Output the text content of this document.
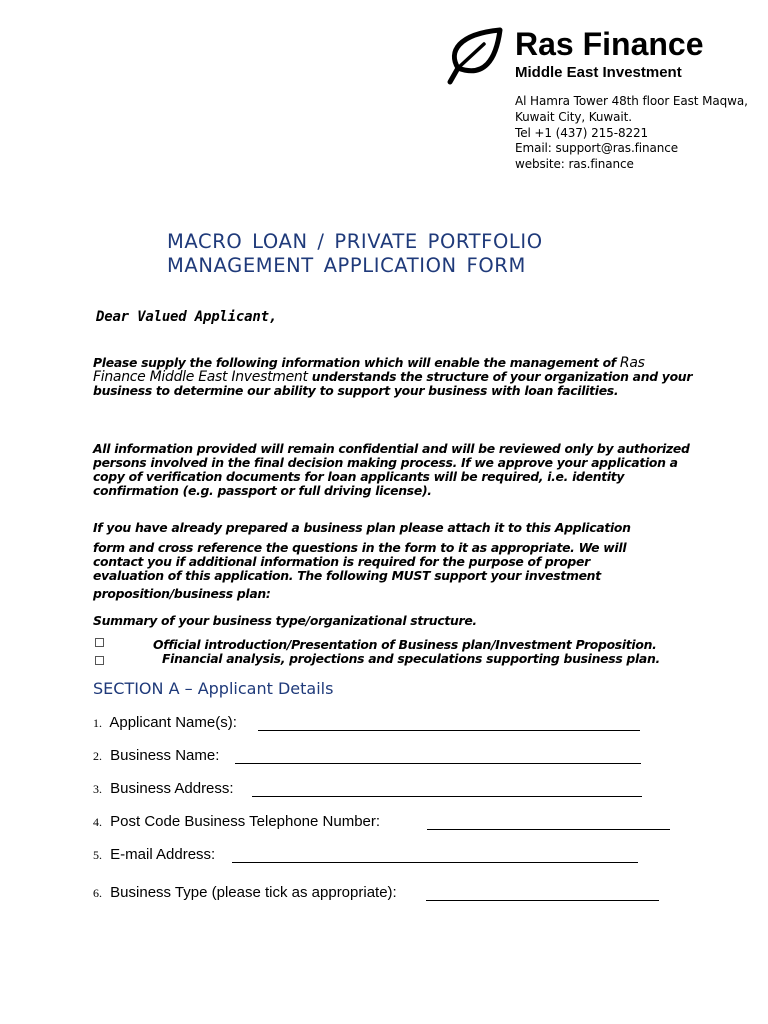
Ras Finance
Middle East Investment
Al Hamra Tower 48th floor East Maqwa,
Kuwait City, Kuwait.
Tel +1 (437) 215-8221
Email: support@ras.finance
website: ras.finance
MACRO LOAN / PRIVATE PORTFOLIO
MANAGEMENT APPLICATION FORM
Dear Valued Applicant,
Please supply the following information which will enable the management of Ras Finance Middle East Investment understands the structure of your organization and your business to determine our ability to support your business with loan facilities.
All information provided will remain confidential and will be reviewed only by authorized persons involved in the final decision making process. If we approve your application a copy of verification documents for loan applicants will be required, i.e. identity confirmation (e.g. passport or full driving license).
If you have already prepared a business plan please attach it to this Application
form and cross reference the questions in the form to it as appropriate. We will
contact you if additional information is required for the purpose of proper
evaluation of this application. The following MUST support your investment
proposition/business plan:
Summary of your business type/organizational structure.
Official introduction/Presentation of Business plan/Investment Proposition.
Financial analysis, projections and speculations supporting business plan.
SECTION A – Applicant Details
1. Applicant Name(s):
2. Business Name:
3. Business Address:
4. Post Code Business Telephone Number:
5. E-mail Address:
6. Business Type (please tick as appropriate):
